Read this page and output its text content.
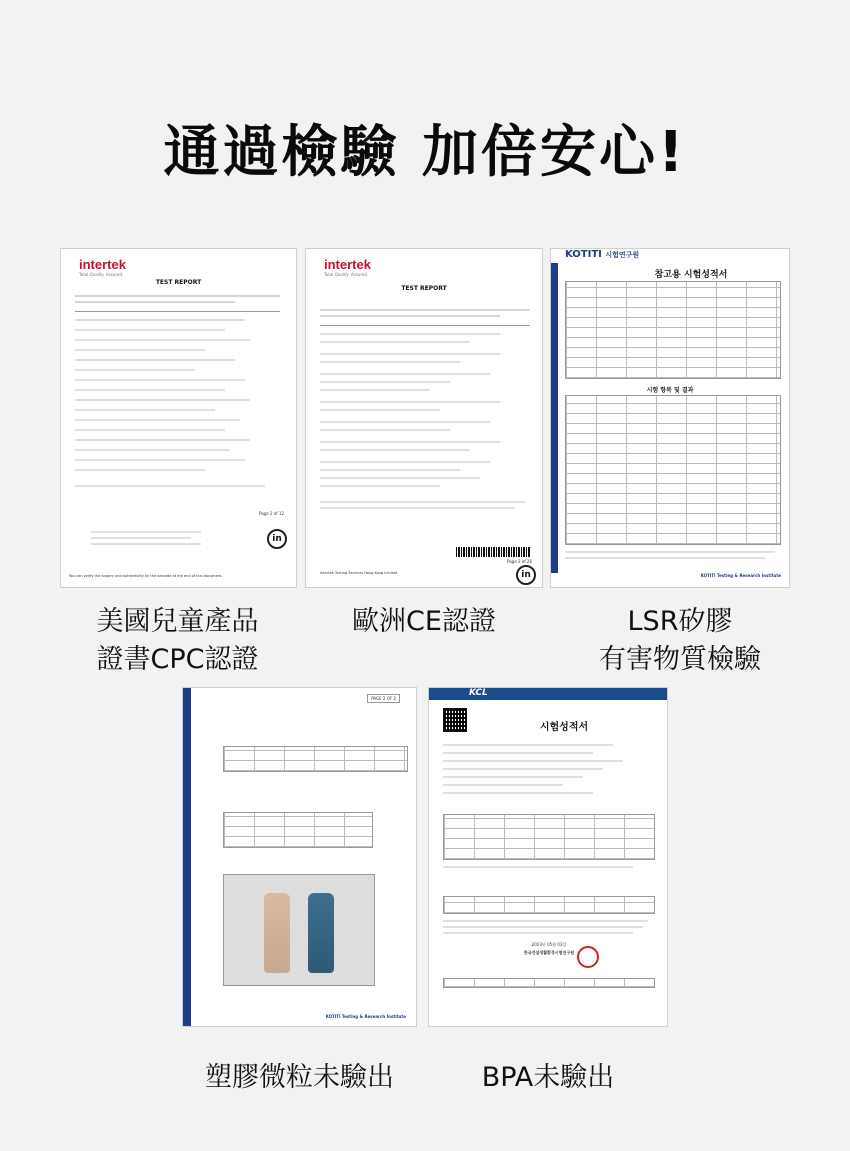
通過檢驗 加倍安心!
intertek
Total Quality. Assured.
TEST REPORT
Page 2 of 12
in
You can verify the forgery and authenticity by the barcode at the end of this document.
intertek
Total Quality. Assured.
TEST REPORT
Page 2 of 26
in
Intertek Testing Services Hong Kong Limited
KOTITI 시험연구원
참고용 시험성적서
시험 항목 및 결과
KOTITI Testing & Research Institute
PAGE 2 OF 2
KOTITI Testing & Research Institute
KCL
시험성적서
2023년 05월 03일
한국건설생활환경시험연구원
美國兒童產品
證書CPC認證
歐洲CE認證	LSR矽膠
有害物質檢驗
塑膠微粒未驗出	BPA未驗出
